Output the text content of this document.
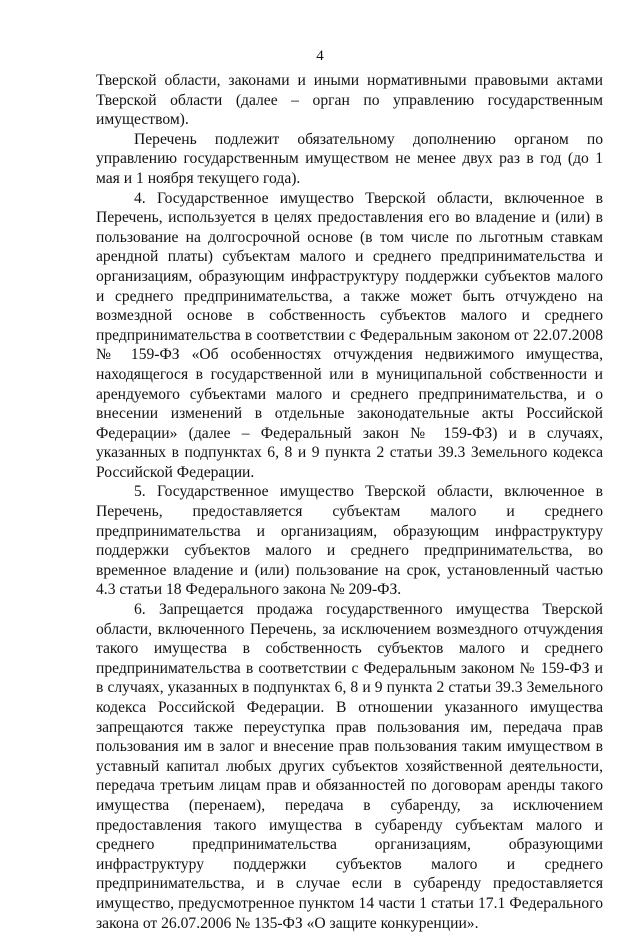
4

Тверской области, законами и иными нормативными правовыми актами Тверской области (далее – орган по управлению государственным имуществом).

Перечень подлежит обязательному дополнению органом по управлению государственным имуществом не менее двух раз в год (до 1 мая и 1 ноября текущего года).

4. Государственное имущество Тверской области, включенное в Перечень, используется в целях предоставления его во владение и (или) в пользование на долгосрочной основе (в том числе по льготным ставкам арендной платы) субъектам малого и среднего предпринимательства и организациям, образующим инфраструктуру поддержки субъектов малого и среднего предпринимательства, а также может быть отчуждено на возмездной основе в собственность субъектов малого и среднего предпринимательства в соответствии с Федеральным законом от 22.07.2008 № 159-ФЗ «Об особенностях отчуждения недвижимого имущества, находящегося в государственной или в муниципальной собственности и арендуемого субъектами малого и среднего предпринимательства, и о внесении изменений в отдельные законодательные акты Российской Федерации» (далее – Федеральный закон № 159-ФЗ) и в случаях, указанных в подпунктах 6, 8 и 9 пункта 2 статьи 39.3 Земельного кодекса Российской Федерации.

5. Государственное имущество Тверской области, включенное в Перечень, предоставляется субъектам малого и среднего предпринимательства и организациям, образующим инфраструктуру поддержки субъектов малого и среднего предпринимательства, во временное владение и (или) пользование на срок, установленный частью 4.3 статьи 18 Федерального закона № 209-ФЗ.

6. Запрещается продажа государственного имущества Тверской области, включенного Перечень, за исключением возмездного отчуждения такого имущества в собственность субъектов малого и среднего предпринимательства в соответствии с Федеральным законом № 159-ФЗ и в случаях, указанных в подпунктах 6, 8 и 9 пункта 2 статьи 39.3 Земельного кодекса Российской Федерации. В отношении указанного имущества запрещаются также переуступка прав пользования им, передача прав пользования им в залог и внесение прав пользования таким имуществом в уставный капитал любых других субъектов хозяйственной деятельности, передача третьим лицам прав и обязанностей по договорам аренды такого имущества (перенаем), передача в субаренду, за исключением предоставления такого имущества в субаренду субъектам малого и среднего предпринимательства организациям, образующими инфраструктуру поддержки субъектов малого и среднего предпринимательства, и в случае если в субаренду предоставляется имущество, предусмотренное пунктом 14 части 1 статьи 17.1 Федерального закона от 26.07.2006 № 135-ФЗ «О защите конкуренции».
